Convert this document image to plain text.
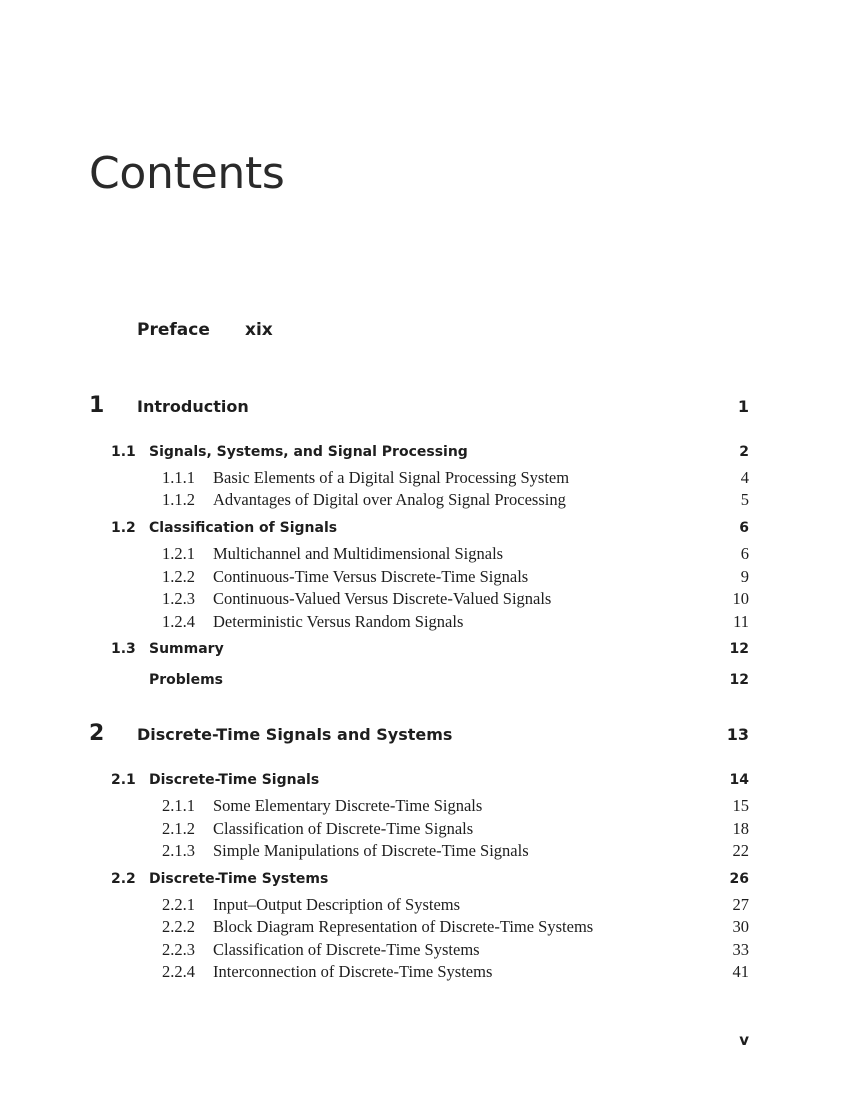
Contents
Preface xix
1 Introduction	1
1.1 Signals, Systems, and Signal Processing	2
1.1.1 Basic Elements of a Digital Signal Processing System	4
1.1.2 Advantages of Digital over Analog Signal Processing	5
1.2 Classification of Signals	6
1.2.1 Multichannel and Multidimensional Signals	6
1.2.2 Continuous-Time Versus Discrete-Time Signals	9
1.2.3 Continuous-Valued Versus Discrete-Valued Signals	10
1.2.4 Deterministic Versus Random Signals	11
1.3 Summary	12
Problems	12
2 Discrete-Time Signals and Systems	13
2.1 Discrete-Time Signals	14
2.1.1 Some Elementary Discrete-Time Signals	15
2.1.2 Classification of Discrete-Time Signals	18
2.1.3 Simple Manipulations of Discrete-Time Signals	22
2.2 Discrete-Time Systems	26
2.2.1 Input–Output Description of Systems	27
2.2.2 Block Diagram Representation of Discrete-Time Systems	30
2.2.3 Classification of Discrete-Time Systems	33
2.2.4 Interconnection of Discrete-Time Systems	41
v
